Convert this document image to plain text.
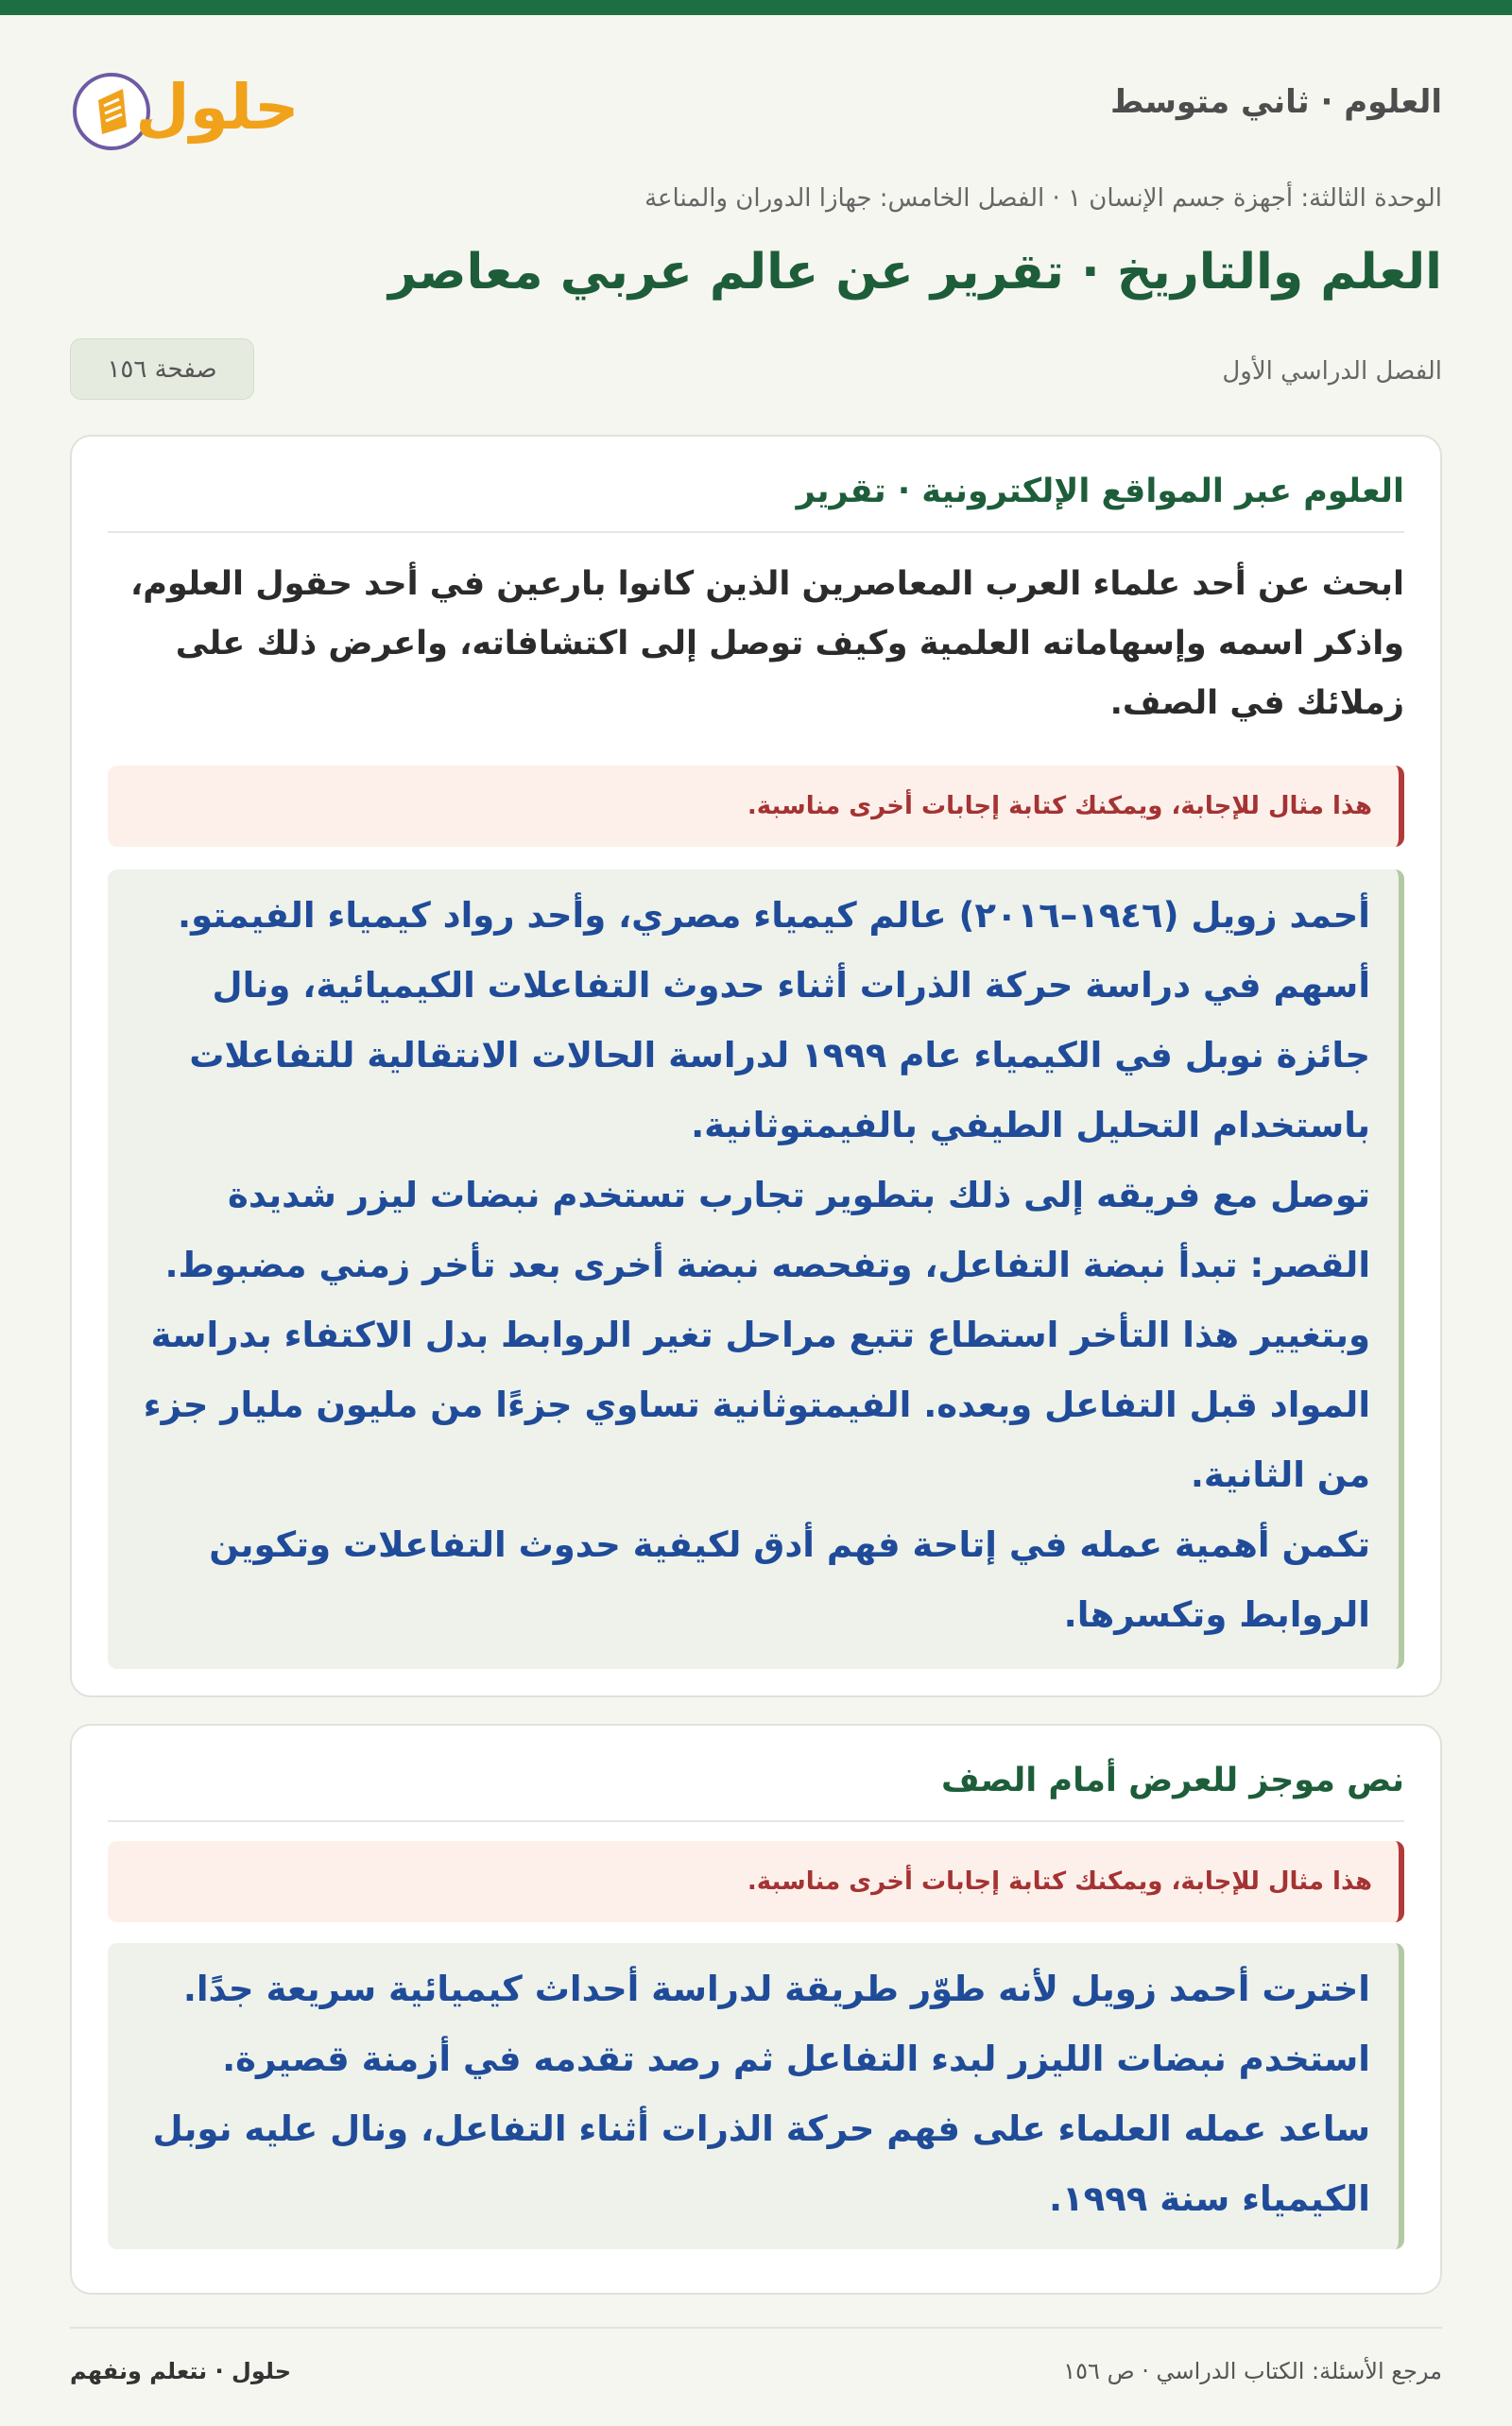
العلوم · ثاني متوسط
حلول
الوحدة الثالثة: أجهزة جسم الإنسان ١ · الفصل الخامس: جهازا الدوران والمناعة
العلم والتاريخ · تقرير عن عالم عربي معاصر
الفصل الدراسي الأول
صفحة ١٥٦
العلوم عبر المواقع الإلكترونية · تقرير
ابحث عن أحد علماء العرب المعاصرين الذين كانوا بارعين في أحد حقول العلوم، واذكر اسمه وإسهاماته العلمية وكيف توصل إلى اكتشافاته، واعرض ذلك على زملائك في الصف.
هذا مثال للإجابة، ويمكنك كتابة إجابات أخرى مناسبة.

أحمد زويل (١٩٤٦–٢٠١٦) عالم كيمياء مصري، وأحد رواد كيمياء الفيمتو. أسهم في دراسة حركة الذرات أثناء حدوث التفاعلات الكيميائية، ونال جائزة نوبل في الكيمياء عام ١٩٩٩ لدراسة الحالات الانتقالية للتفاعلات باستخدام التحليل الطيفي بالفيمتوثانية.

توصل مع فريقه إلى ذلك بتطوير تجارب تستخدم نبضات ليزر شديدة القصر: تبدأ نبضة التفاعل، وتفحصه نبضة أخرى بعد تأخر زمني مضبوط. وبتغيير هذا التأخر استطاع تتبع مراحل تغير الروابط بدل الاكتفاء بدراسة المواد قبل التفاعل وبعده. الفيمتوثانية تساوي جزءًا من مليون مليار جزء من الثانية.

تكمن أهمية عمله في إتاحة فهم أدق لكيفية حدوث التفاعلات وتكوين الروابط وتكسرها.

نص موجز للعرض أمام الصف
هذا مثال للإجابة، ويمكنك كتابة إجابات أخرى مناسبة.

اخترت أحمد زويل لأنه طوّر طريقة لدراسة أحداث كيميائية سريعة جدًا. استخدم نبضات الليزر لبدء التفاعل ثم رصد تقدمه في أزمنة قصيرة. ساعد عمله العلماء على فهم حركة الذرات أثناء التفاعل، ونال عليه نوبل الكيمياء سنة ١٩٩٩.

مرجع الأسئلة: الكتاب الدراسي · ص ١٥٦
حلول · نتعلم ونفهم
